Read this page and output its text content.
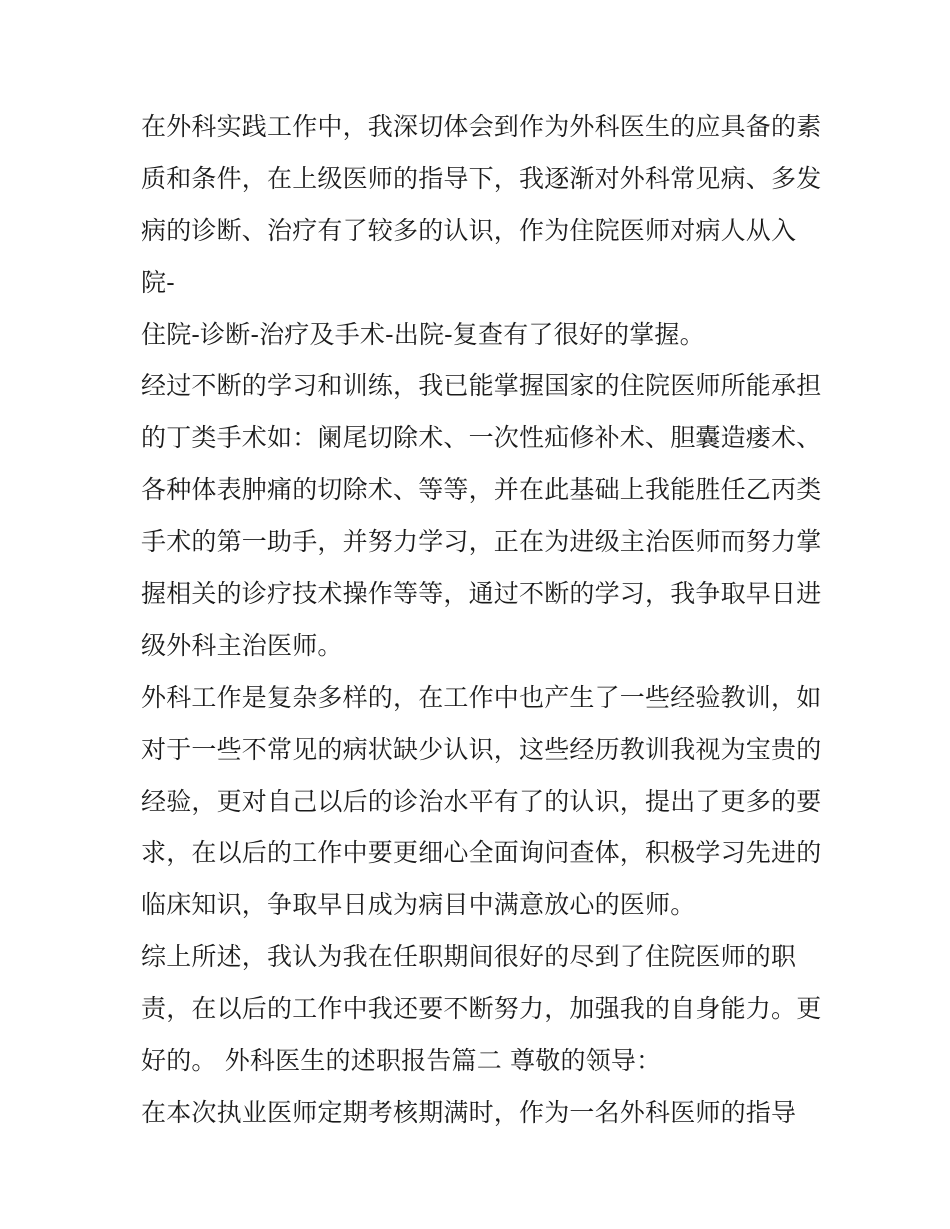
在外科实践工作中，我深切体会到作为外科医生的应具备的素
质和条件，在上级医师的指导下，我逐渐对外科常见病、多发
病的诊断、治疗有了较多的认识，作为住院医师对病人从入
院-
住院-诊断-治疗及手术-出院-复查有了很好的掌握。
经过不断的学习和训练，我已能掌握国家的住院医师所能承担
的丁类手术如：阑尾切除术、一次性疝修补术、胆囊造瘘术、
各种体表肿痛的切除术、等等，并在此基础上我能胜任乙丙类
手术的第一助手，并努力学习，正在为进级主治医师而努力掌
握相关的诊疗技术操作等等，通过不断的学习，我争取早日进
级外科主治医师。
外科工作是复杂多样的，在工作中也产生了一些经验教训，如
对于一些不常见的病状缺少认识，这些经历教训我视为宝贵的
经验，更对自己以后的诊治水平有了的认识，提出了更多的要
求，在以后的工作中要更细心全面询问查体，积极学习先进的
临床知识，争取早日成为病目中满意放心的医师。
综上所述，我认为我在任职期间很好的尽到了住院医师的职
责，在以后的工作中我还要不断努力，加强我的自身能力。更
好的。 外科医生的述职报告篇二 尊敬的领导：
在本次执业医师定期考核期满时，作为一名外科医师的指导
